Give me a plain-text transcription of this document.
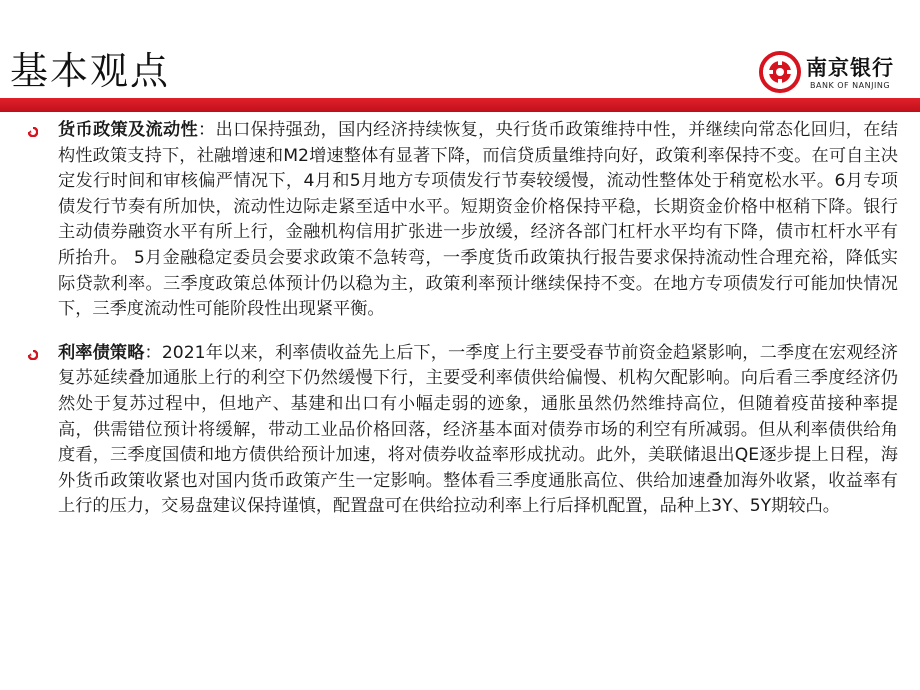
基本观点	南京银行
BANK OF NANJING
货币政策及流动性：出口保持强劲，国内经济持续恢复，央行货币政策维持中性，并继续向常态化回归，在结构性政策支持下，社融增速和M2增速整体有显著下降，而信贷质量维持向好，政策利率保持不变。在可自主决定发行时间和审核偏严情况下，4月和5月地方专项债发行节奏较缓慢，流动性整体处于稍宽松水平。6月专项债发行节奏有所加快，流动性边际走紧至适中水平。短期资金价格保持平稳，长期资金价格中枢稍下降。银行主动债券融资水平有所上行，金融机构信用扩张进一步放缓，经济各部门杠杆水平均有下降，债市杠杆水平有所抬升。 5月金融稳定委员会要求政策不急转弯，一季度货币政策执行报告要求保持流动性合理充裕，降低实际贷款利率。三季度政策总体预计仍以稳为主，政策利率预计继续保持不变。在地方专项债发行可能加快情况下，三季度流动性可能阶段性出现紧平衡。
利率债策略：2021年以来，利率债收益先上后下，一季度上行主要受春节前资金趋紧影响，二季度在宏观经济复苏延续叠加通胀上行的利空下仍然缓慢下行，主要受利率债供给偏慢、机构欠配影响。向后看三季度经济仍然处于复苏过程中，但地产、基建和出口有小幅走弱的迹象，通胀虽然仍然维持高位，但随着疫苗接种率提高，供需错位预计将缓解，带动工业品价格回落，经济基本面对债券市场的利空有所减弱。但从利率债供给角度看，三季度国债和地方债供给预计加速，将对债券收益率形成扰动。此外，美联储退出QE逐步提上日程，海外货币政策收紧也对国内货币政策产生一定影响。整体看三季度通胀高位、供给加速叠加海外收紧，收益率有上行的压力，交易盘建议保持谨慎，配置盘可在供给拉动利率上行后择机配置，品种上3Y、5Y期较凸。
